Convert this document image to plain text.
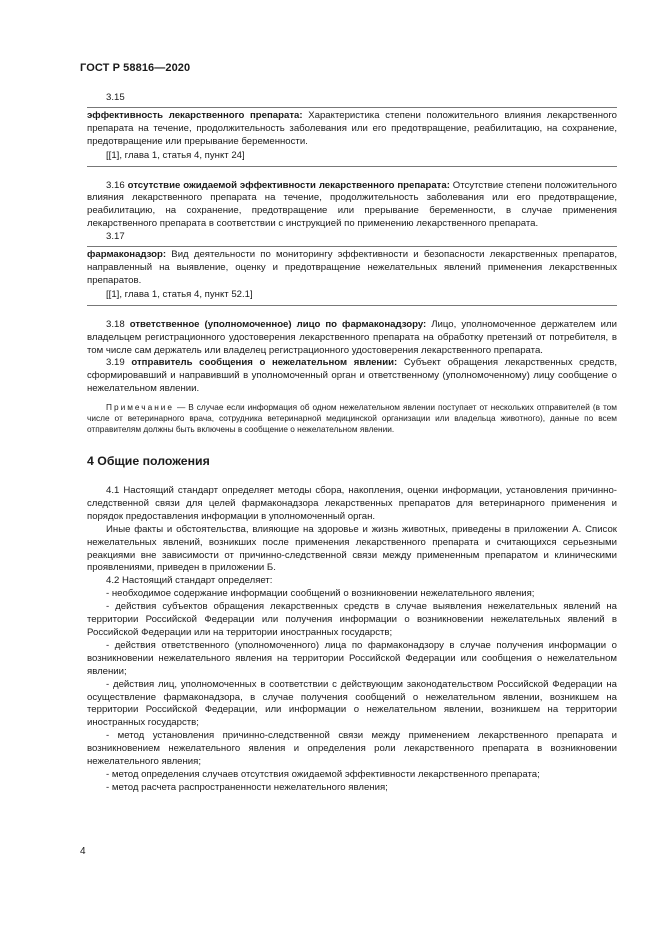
ГОСТ Р 58816—2020

3.15

эффективность лекарственного препарата: Характеристика степени положительного влияния лекарственного препарата на течение, продолжительность заболевания или его предотвращение, реабилитацию, на сохранение, предотвращение или прерывание беременности.

[[1], глава 1, статья 4, пункт 24]

3.16 отсутствие ожидаемой эффективности лекарственного препарата: Отсутствие степени положительного влияния лекарственного препарата на течение, продолжительность заболевания или его предотвращение, реабилитацию, на сохранение, предотвращение или прерывание беременности, в случае применения лекарственного препарата в соответствии с инструкцией по применению лекарственного препарата.

3.17

фармаконадзор: Вид деятельности по мониторингу эффективности и безопасности лекарственных препаратов, направленный на выявление, оценку и предотвращение нежелательных явлений применения лекарственных препаратов.

[[1], глава 1, статья 4, пункт 52.1]

3.18 ответственное (уполномоченное) лицо по фармаконадзору: Лицо, уполномоченное держателем или владельцем регистрационного удостоверения лекарственного препарата на обработку претензий от потребителя, в том числе сам держатель или владелец регистрационного удостоверения лекарственного препарата.

3.19 отправитель сообщения о нежелательном явлении: Субъект обращения лекарственных средств, сформировавший и направивший в уполномоченный орган и ответственному (уполномоченному) лицу сообщение о нежелательном явлении.

Примечание — В случае если информация об одном нежелательном явлении поступает от нескольких отправителей (в том числе от ветеринарного врача, сотрудника ветеринарной медицинской организации или владельца животного), данные по всем отправителям должны быть включены в сообщение о нежелательном явлении.

4 Общие положения

4.1 Настоящий стандарт определяет методы сбора, накопления, оценки информации, установления причинно-следственной связи для целей фармаконадзора лекарственных препаратов для ветеринарного применения и порядок предоставления информации в уполномоченный орган.

Иные факты и обстоятельства, влияющие на здоровье и жизнь животных, приведены в приложении А. Список нежелательных явлений, возникших после применения лекарственного препарата и считающихся серьезными реакциями вне зависимости от причинно-следственной связи между примененным препаратом и клиническими проявлениями, приведен в приложении Б.

4.2 Настоящий стандарт определяет:

- необходимое содержание информации сообщений о возникновении нежелательного явления;

- действия субъектов обращения лекарственных средств в случае выявления нежелательных явлений на территории Российской Федерации или получения информации о возникновении нежелательных явлений в Российской Федерации или на территории иностранных государств;

- действия ответственного (уполномоченного) лица по фармаконадзору в случае получения информации о возникновении нежелательного явления на территории Российской Федерации или сообщения о нежелательном явлении;

- действия лиц, уполномоченных в соответствии с действующим законодательством Российской Федерации на осуществление фармаконадзора, в случае получения сообщений о нежелательном явлении, возникшем на территории Российской Федерации, или информации о нежелательном явлении, возникшем на территории иностранных государств;

- метод установления причинно-следственной связи между применением лекарственного препарата и возникновением нежелательного явления и определения роли лекарственного препарата в возникновении нежелательного явления;

- метод определения случаев отсутствия ожидаемой эффективности лекарственного препарата;

- метод расчета распространенности нежелательного явления;

4
